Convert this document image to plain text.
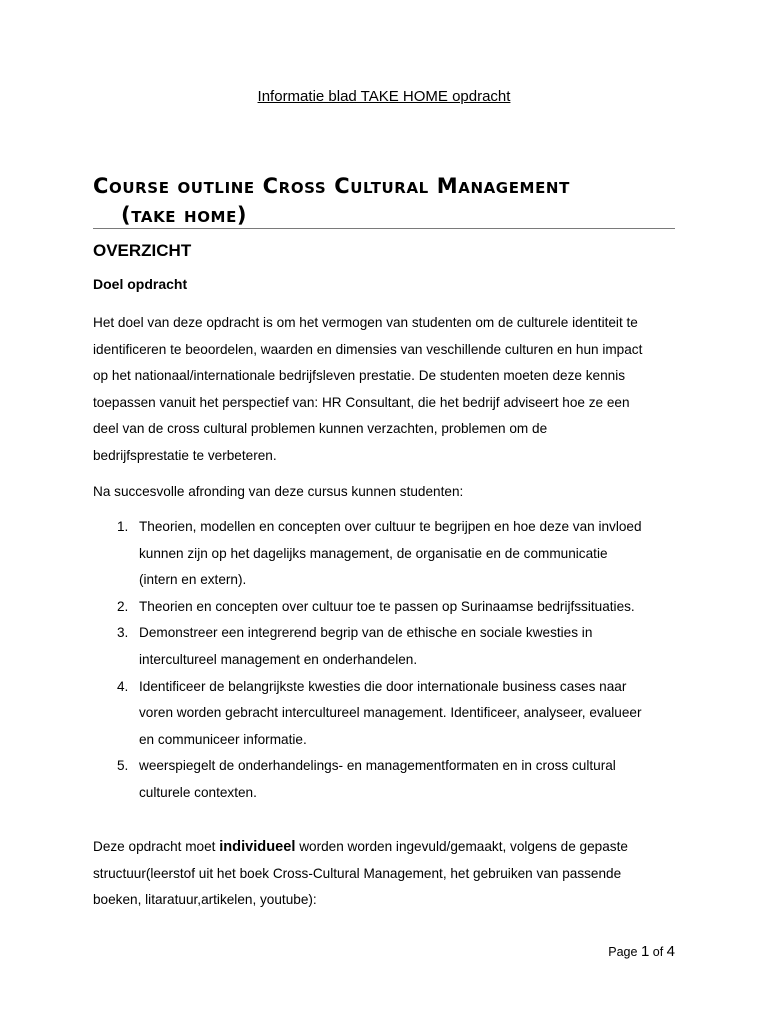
Informatie blad TAKE HOME opdracht
Course outline Cross Cultural Management
(take home)
OVERZICHT
Doel opdracht
Het doel van deze opdracht is om het vermogen van studenten om de culturele identiteit te
identificeren te beoordelen, waarden en dimensies van veschillende culturen en hun impact
op het nationaal/internationale bedrijfsleven prestatie. De studenten moeten deze kennis
toepassen vanuit het perspectief van: HR Consultant, die het bedrijf adviseert hoe ze een
deel van de cross cultural problemen kunnen verzachten, problemen om de
bedrijfsprestatie te verbeteren.
Na succesvolle afronding van deze cursus kunnen studenten:
1. Theorien, modellen en concepten over cultuur te begrijpen en hoe deze van invloed
kunnen zijn op het dagelijks management, de organisatie en de communicatie
(intern en extern).
2. Theorien en concepten over cultuur toe te passen op Surinaamse bedrijfssituaties.
3. Demonstreer een integrerend begrip van de ethische en sociale kwesties in
intercultureel management en onderhandelen.
4. Identificeer de belangrijkste kwesties die door internationale business cases naar
voren worden gebracht intercultureel management. Identificeer, analyseer, evalueer
en communiceer informatie.
5. weerspiegelt de onderhandelings- en managementformaten en in cross cultural
culturele contexten.
Deze opdracht moet individueel worden worden ingevuld/gemaakt, volgens de gepaste
structuur(leerstof uit het boek Cross-Cultural Management, het gebruiken van passende
boeken, litaratuur,artikelen, youtube):
Page 1 of 4
